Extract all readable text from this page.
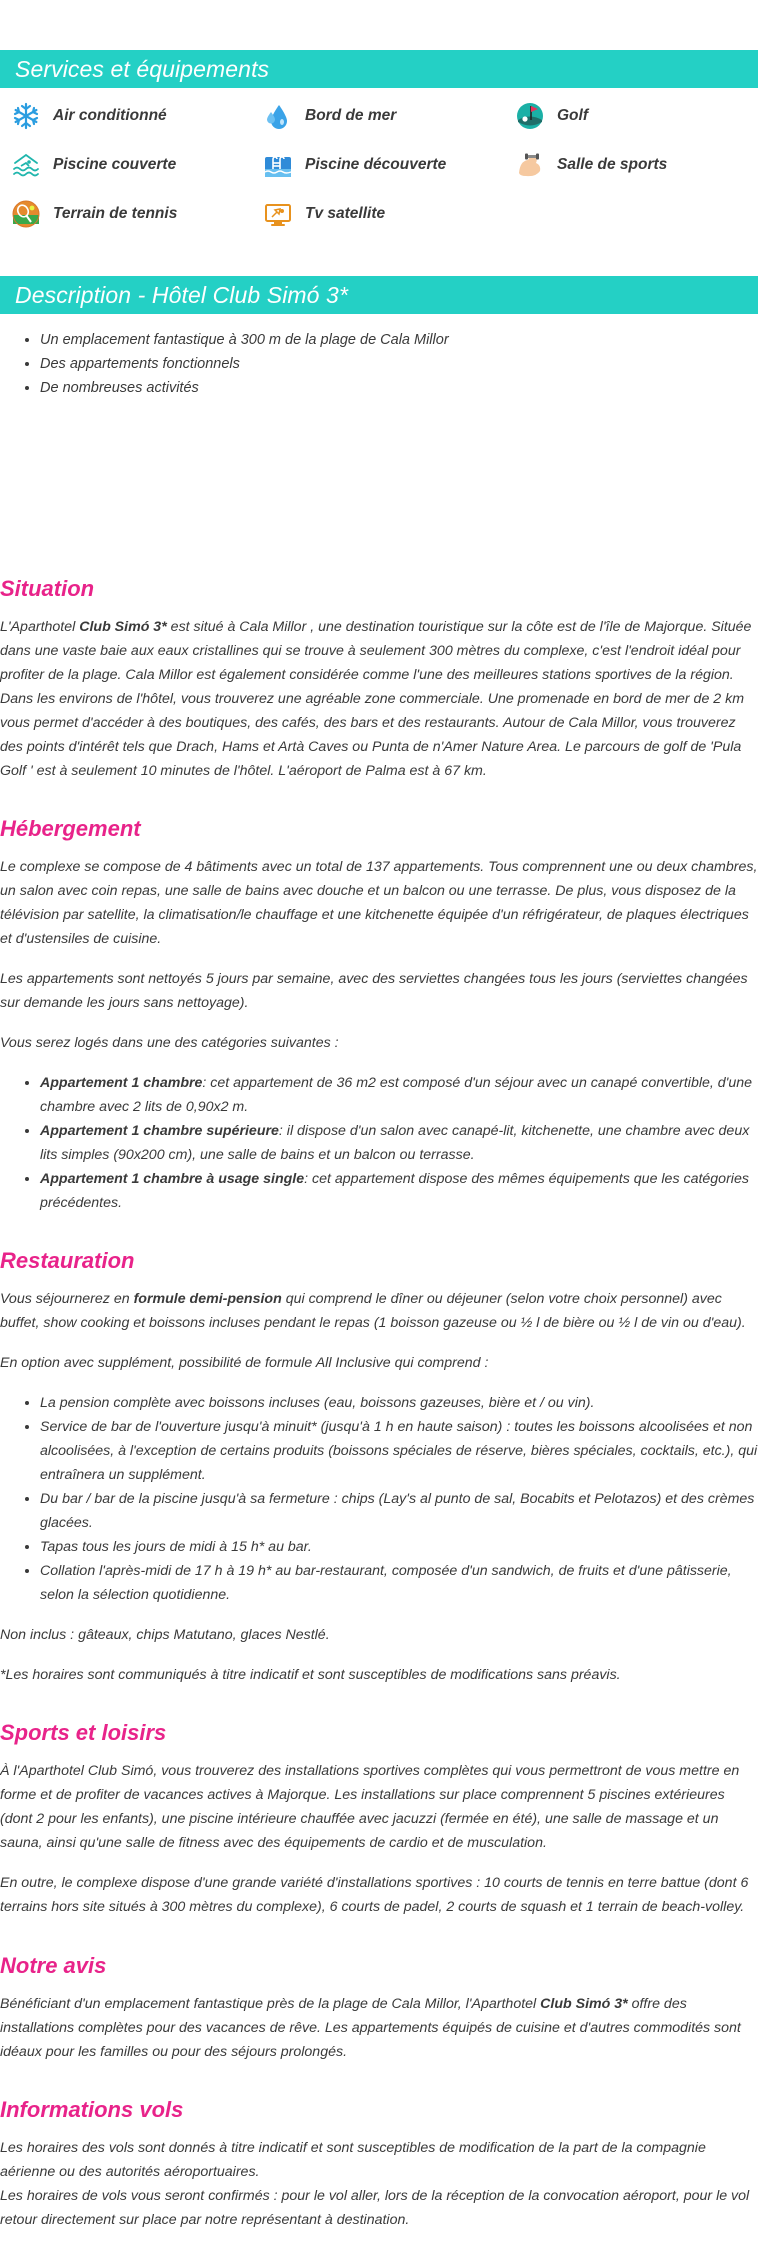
Services et équipements
Air conditionné	Bord de mer	Golf
Piscine couverte	Piscine découverte	Salle de sports
Terrain de tennis	Tv satellite
Description - Hôtel Club Simó 3*
• Un emplacement fantastique à 300 m de la plage de Cala Millor
• Des appartements fonctionnels
• De nombreuses activités
Situation

L'Aparthotel Club Simó 3* est situé à Cala Millor , une destination touristique sur la côte est de l'île de Majorque. Située dans une vaste baie aux eaux cristallines qui se trouve à seulement 300 mètres du complexe, c'est l'endroit idéal pour profiter de la plage. Cala Millor est également considérée comme l'une des meilleures stations sportives de la région. Dans les environs de l'hôtel, vous trouverez une agréable zone commerciale. Une promenade en bord de mer de 2 km vous permet d'accéder à des boutiques, des cafés, des bars et des restaurants. Autour de Cala Millor, vous trouverez des points d'intérêt tels que Drach, Hams et Artà Caves ou Punta de n'Amer Nature Area. Le parcours de golf de 'Pula Golf ' est à seulement 10 minutes de l'hôtel. L'aéroport de Palma est à 67 km.

Hébergement

Le complexe se compose de 4 bâtiments avec un total de 137 appartements. Tous comprennent une ou deux chambres, un salon avec coin repas, une salle de bains avec douche et un balcon ou une terrasse. De plus, vous disposez de la télévision par satellite, la climatisation/le chauffage et une kitchenette équipée d'un réfrigérateur, de plaques électriques et d'ustensiles de cuisine.

Les appartements sont nettoyés 5 jours par semaine, avec des serviettes changées tous les jours (serviettes changées sur demande les jours sans nettoyage).

Vous serez logés dans une des catégories suivantes :

• Appartement 1 chambre: cet appartement de 36 m2 est composé d'un séjour avec un canapé convertible, d'une chambre avec 2 lits de 0,90x2 m.
• Appartement 1 chambre supérieure: il dispose d'un salon avec canapé-lit, kitchenette, une chambre avec deux lits simples (90x200 cm), une salle de bains et un balcon ou terrasse.
• Appartement 1 chambre à usage single: cet appartement dispose des mêmes équipements que les catégories précédentes.
Restauration

Vous séjournerez en formule demi-pension qui comprend le dîner ou déjeuner (selon votre choix personnel) avec buffet, show cooking et boissons incluses pendant le repas (1 boisson gazeuse ou ½ l de bière ou ½ l de vin ou d'eau).

En option avec supplément, possibilité de formule All Inclusive qui comprend :

• La pension complète avec boissons incluses (eau, boissons gazeuses, bière et / ou vin).
• Service de bar de l'ouverture jusqu'à minuit* (jusqu'à 1 h en haute saison) : toutes les boissons alcoolisées et non alcoolisées, à l'exception de certains produits (boissons spéciales de réserve, bières spéciales, cocktails, etc.), qui entraînera un supplément.
• Du bar / bar de la piscine jusqu'à sa fermeture : chips (Lay's al punto de sal, Bocabits et Pelotazos) et des crèmes glacées.
• Tapas tous les jours de midi à 15 h* au bar.
• Collation l'après-midi de 17 h à 19 h* au bar-restaurant, composée d'un sandwich, de fruits et d'une pâtisserie, selon la sélection quotidienne.

Non inclus : gâteaux, chips Matutano, glaces Nestlé.

*Les horaires sont communiqués à titre indicatif et sont susceptibles de modifications sans préavis.

Sports et loisirs

À l'Aparthotel Club Simó, vous trouverez des installations sportives complètes qui vous permettront de vous mettre en forme et de profiter de vacances actives à Majorque. Les installations sur place comprennent 5 piscines extérieures (dont 2 pour les enfants), une piscine intérieure chauffée avec jacuzzi (fermée en été), une salle de massage et un sauna, ainsi qu'une salle de fitness avec des équipements de cardio et de musculation.

En outre, le complexe dispose d'une grande variété d'installations sportives : 10 courts de tennis en terre battue (dont 6 terrains hors site situés à 300 mètres du complexe), 6 courts de padel, 2 courts de squash et 1 terrain de beach-volley.

Notre avis

Bénéficiant d'un emplacement fantastique près de la plage de Cala Millor, l'Aparthotel Club Simó 3* offre des installations complètes pour des vacances de rêve. Les appartements équipés de cuisine et d'autres commodités sont idéaux pour les familles ou pour des séjours prolongés.

Informations vols

Les horaires des vols sont donnés à titre indicatif et sont susceptibles de modification de la part de la compagnie aérienne ou des autorités aéroportuaires.

Les horaires de vols vous seront confirmés : pour le vol aller, lors de la réception de la convocation aéroport, pour le vol retour directement sur place par notre représentant à destination.
